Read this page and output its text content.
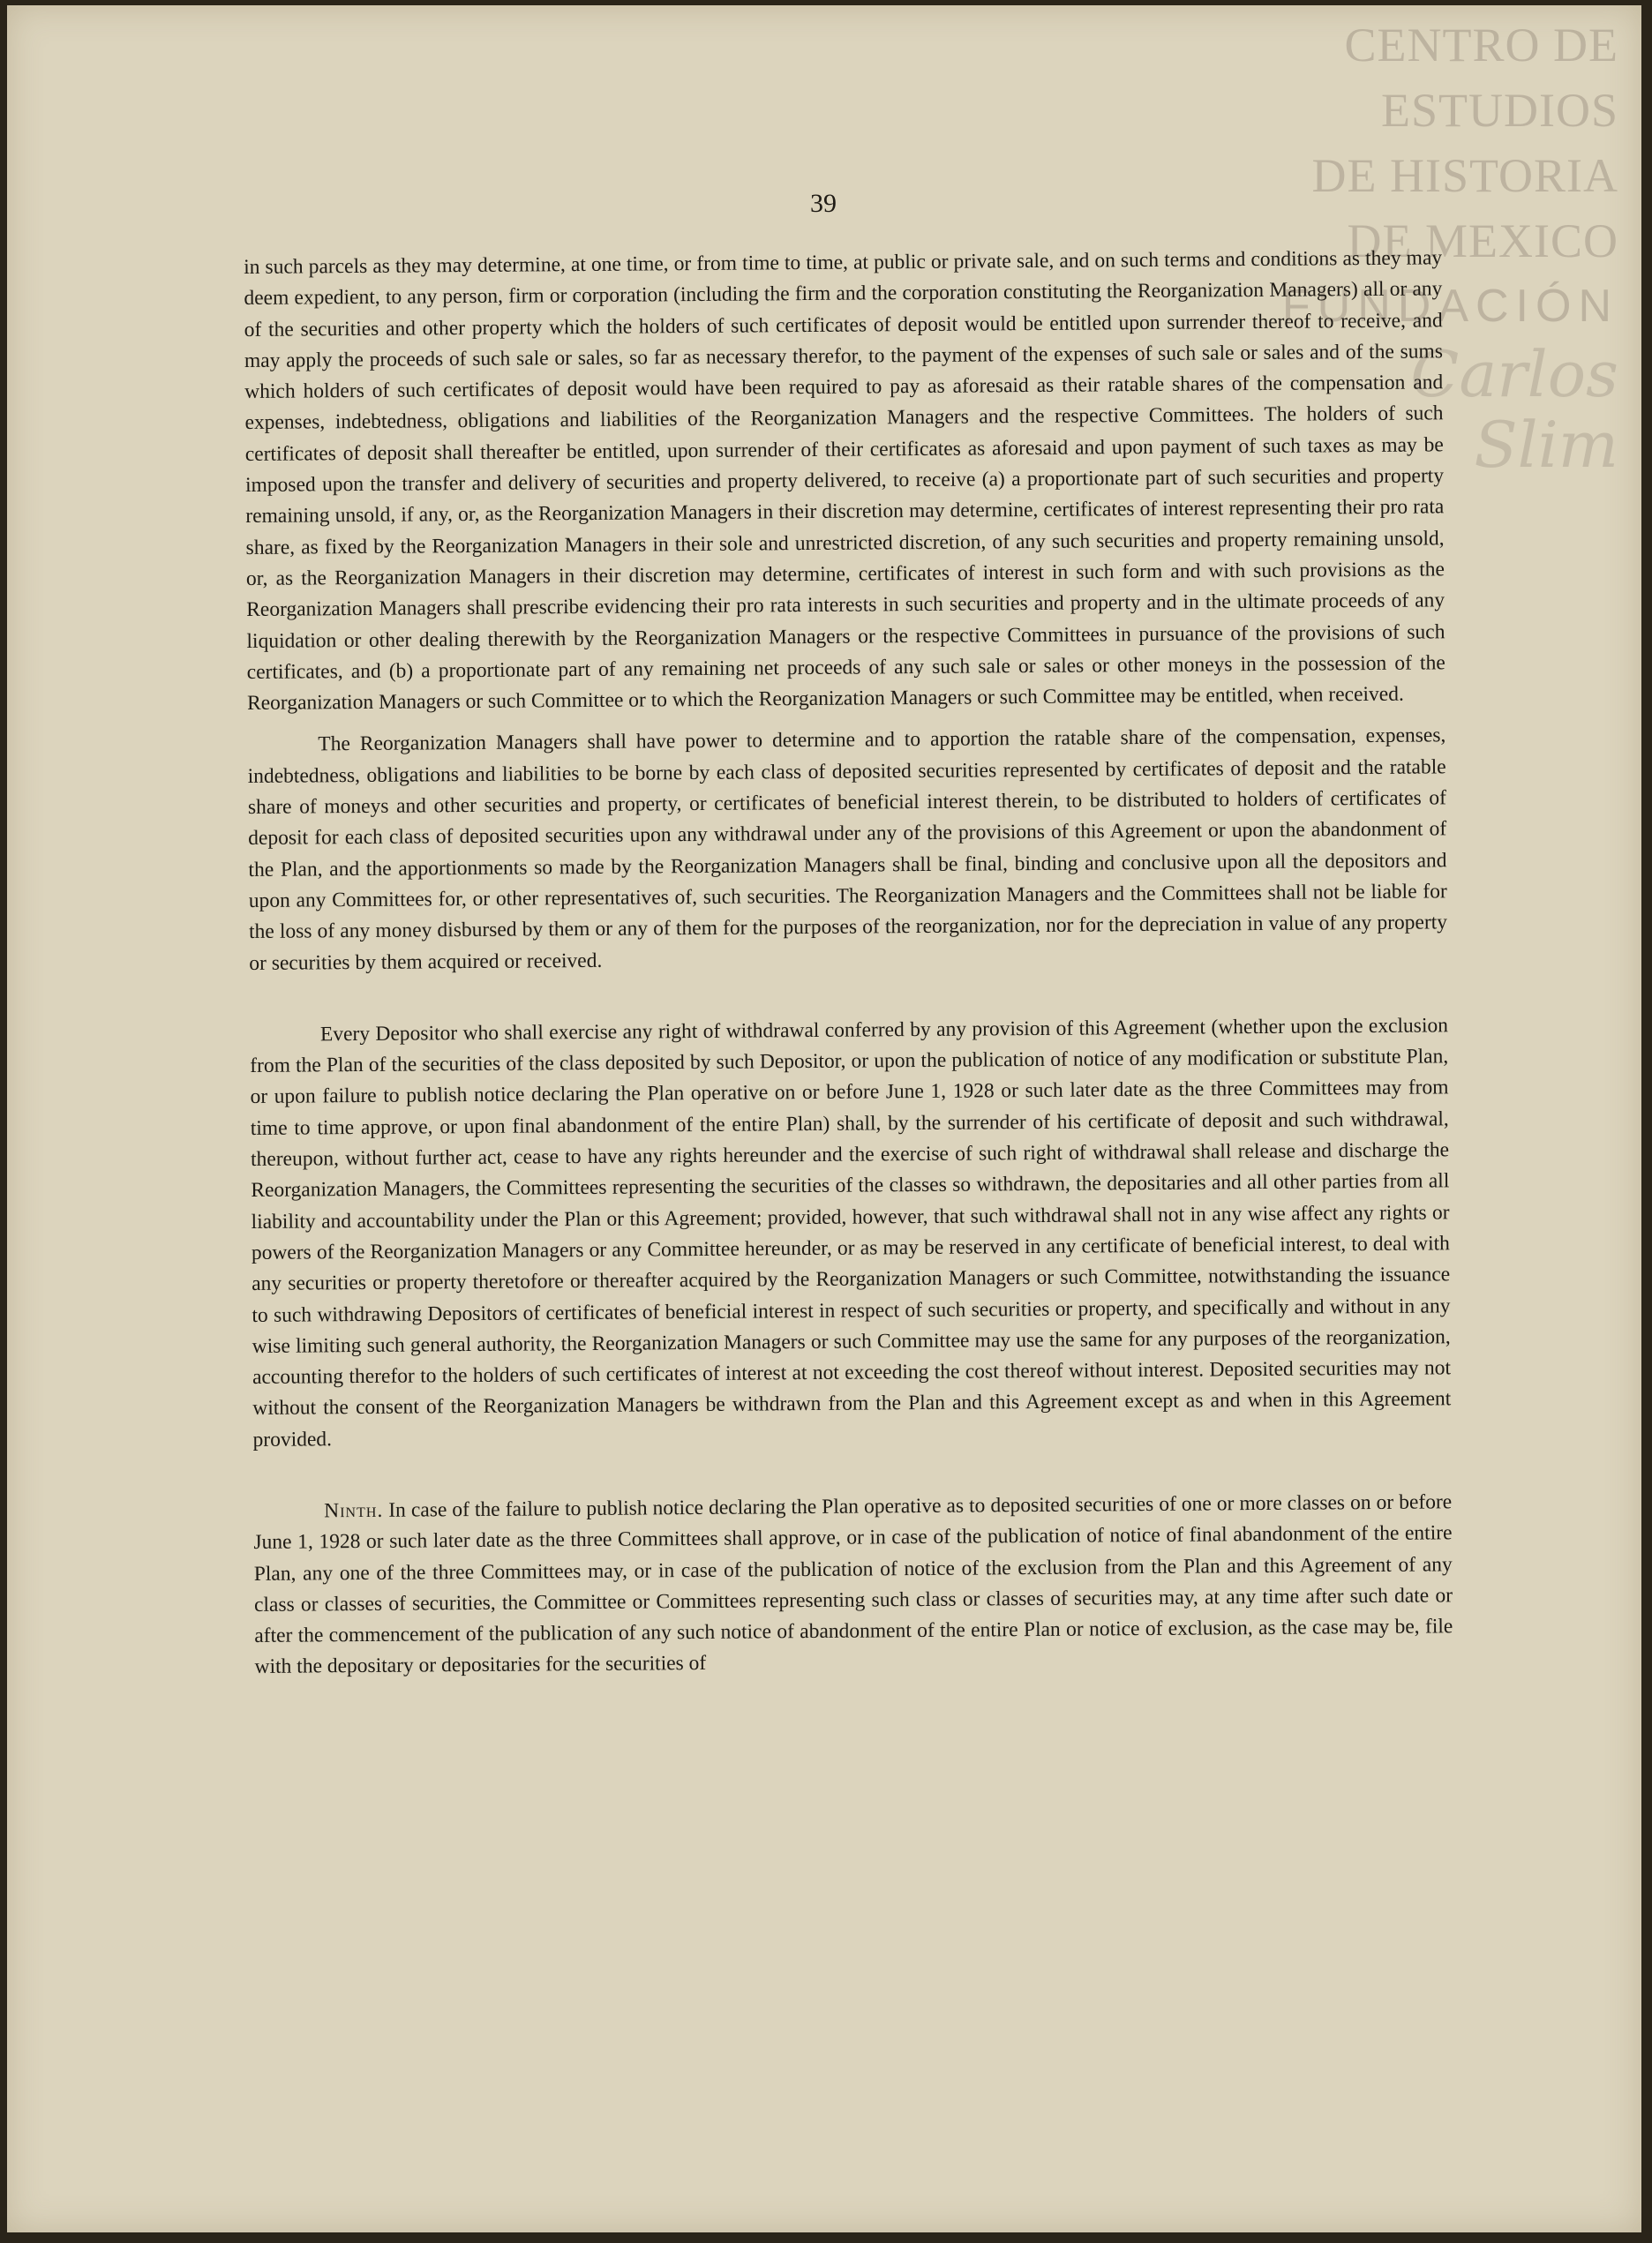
CENTRO DE
ESTUDIOS
DE HISTORIA
DE MEXICO
FUNDACIÓN
Carlos Slim
39

in such parcels as they may determine, at one time, or from time to time, at public or private sale, and on such terms and conditions as they may deem expedient, to any person, firm or corporation (including the firm and the corporation constituting the Reorganization Managers) all or any of the securities and other property which the holders of such certificates of deposit would be entitled upon surrender thereof to receive, and may apply the proceeds of such sale or sales, so far as necessary therefor, to the payment of the expenses of such sale or sales and of the sums which holders of such certificates of deposit would have been required to pay as aforesaid as their ratable shares of the compensation and expenses, indebtedness, obligations and liabilities of the Reorganization Managers and the respective Committees. The holders of such certificates of deposit shall thereafter be entitled, upon surrender of their certificates as aforesaid and upon payment of such taxes as may be imposed upon the transfer and delivery of securities and property delivered, to receive (a) a proportionate part of such securities and property remaining unsold, if any, or, as the Reorganization Managers in their discretion may determine, certificates of interest representing their pro rata share, as fixed by the Reorganization Managers in their sole and unrestricted discretion, of any such securities and property remaining unsold, or, as the Reorganization Managers in their discretion may determine, certificates of interest in such form and with such provisions as the Reorganization Managers shall prescribe evidencing their pro rata interests in such securities and property and in the ultimate proceeds of any liquidation or other dealing therewith by the Reorganization Managers or the respective Committees in pursuance of the provisions of such certificates, and (b) a proportionate part of any remaining net proceeds of any such sale or sales or other moneys in the possession of the Reorganization Managers or such Committee or to which the Reorganization Managers or such Committee may be entitled, when received.

The Reorganization Managers shall have power to determine and to apportion the ratable share of the compensation, expenses, indebtedness, obligations and liabilities to be borne by each class of deposited securities represented by certificates of deposit and the ratable share of moneys and other securities and property, or certificates of beneficial interest therein, to be distributed to holders of certificates of deposit for each class of deposited securities upon any withdrawal under any of the provisions of this Agreement or upon the abandonment of the Plan, and the apportionments so made by the Reorganization Managers shall be final, binding and conclusive upon all the depositors and upon any Committees for, or other representatives of, such securities. The Reorganization Managers and the Committees shall not be liable for the loss of any money disbursed by them or any of them for the purposes of the reorganization, nor for the depreciation in value of any property or securities by them acquired or received.

Every Depositor who shall exercise any right of withdrawal conferred by any provision of this Agreement (whether upon the exclusion from the Plan of the securities of the class deposited by such Depositor, or upon the publication of notice of any modification or substitute Plan, or upon failure to publish notice declaring the Plan operative on or before June 1, 1928 or such later date as the three Committees may from time to time approve, or upon final abandonment of the entire Plan) shall, by the surrender of his certificate of deposit and such withdrawal, thereupon, without further act, cease to have any rights hereunder and the exercise of such right of withdrawal shall release and discharge the Reorganization Managers, the Committees representing the securities of the classes so withdrawn, the depositaries and all other parties from all liability and accountability under the Plan or this Agreement; provided, however, that such withdrawal shall not in any wise affect any rights or powers of the Reorganization Managers or any Committee hereunder, or as may be reserved in any certificate of beneficial interest, to deal with any securities or property theretofore or thereafter acquired by the Reorganization Managers or such Committee, notwithstanding the issuance to such withdrawing Depositors of certificates of beneficial interest in respect of such securities or property, and specifically and without in any wise limiting such general authority, the Reorganization Managers or such Committee may use the same for any purposes of the reorganization, accounting therefor to the holders of such certificates of interest at not exceeding the cost thereof without interest. Deposited securities may not without the consent of the Reorganization Managers be withdrawn from the Plan and this Agreement except as and when in this Agreement provided.

Ninth. In case of the failure to publish notice declaring the Plan operative as to deposited securities of one or more classes on or before June 1, 1928 or such later date as the three Committees shall approve, or in case of the publication of notice of final abandonment of the entire Plan, any one of the three Committees may, or in case of the publication of notice of the exclusion from the Plan and this Agreement of any class or classes of securities, the Committee or Committees representing such class or classes of securities may, at any time after such date or after the commencement of the publication of any such notice of abandonment of the entire Plan or notice of exclusion, as the case may be, file with the depositary or depositaries for the securities of
